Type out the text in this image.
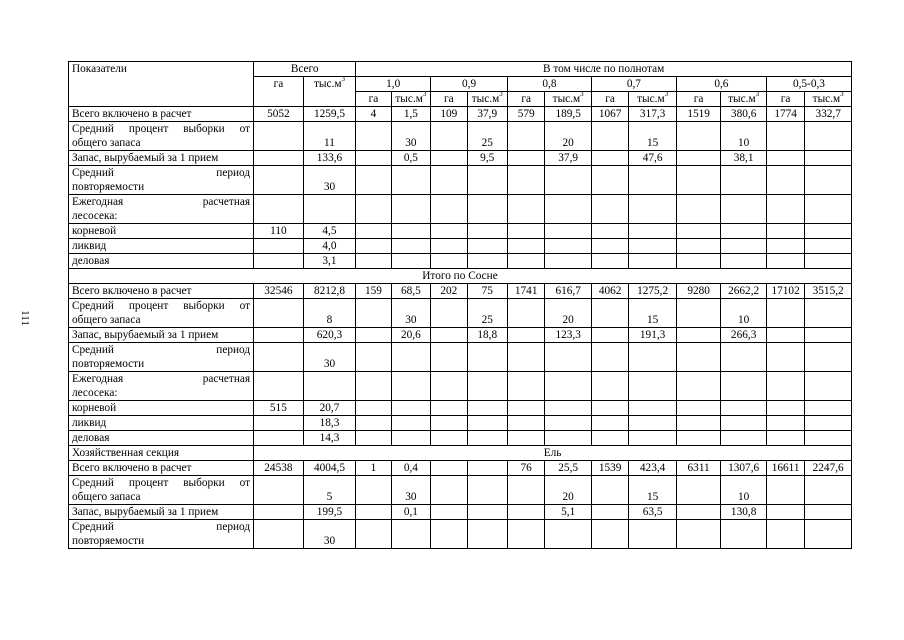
111
Показатели	Всего		В том числе по полнотам											
	га	$тыс.м^3$	1,0		0,9		0,8		0,7		0,6		0,5-0,3	
			га	$тыс.м^3$	га	$тыс.м^3$	га	$тыс.м^3$	га	$тыс.м^3$	га	$тыс.м^3$	га	$тыс.м^3$
Всего включено в расчет	5052	1259,5	4	1,5	109	37,9	579	189,5	1067	317,3	1519	380,6	1774	332,7

Средний процент выборки от
общего запаса		11		30		25		20		15		10		
Запас, вырубаемый за 1 прием		133,6		0,5		9,5		37,9		47,6		38,1		

Средний период
повторяемости		30												

Ежегодная расчетная
лесосека:														
корневой	110	4,5												
ликвид		4,0												
деловая		3,1												
Итого по Сосне														
Всего включено в расчет	32546	8212,8	159	68,5	202	75	1741	616,7	4062	1275,2	9280	2662,2	17102	3515,2

Средний процент выборки от
общего запаса		8		30		25		20		15		10		
Запас, вырубаемый за 1 прием		620,3		20,6		18,8		123,3		191,3		266,3		

Средний период
повторяемости		30												

Ежегодная расчетная
лесосека:														
корневой	515	20,7												
ликвид		18,3												
деловая		14,3												
Хозяйственная секция	Ель													
Всего включено в расчет	24538	4004,5	1	0,4			76	25,5	1539	423,4	6311	1307,6	16611	2247,6

Средний процент выборки от
общего запаса		5		30				20		15		10		
Запас, вырубаемый за 1 прием		199,5		0,1				5,1		63,5		130,8		

Средний период
повторяемости		30												
